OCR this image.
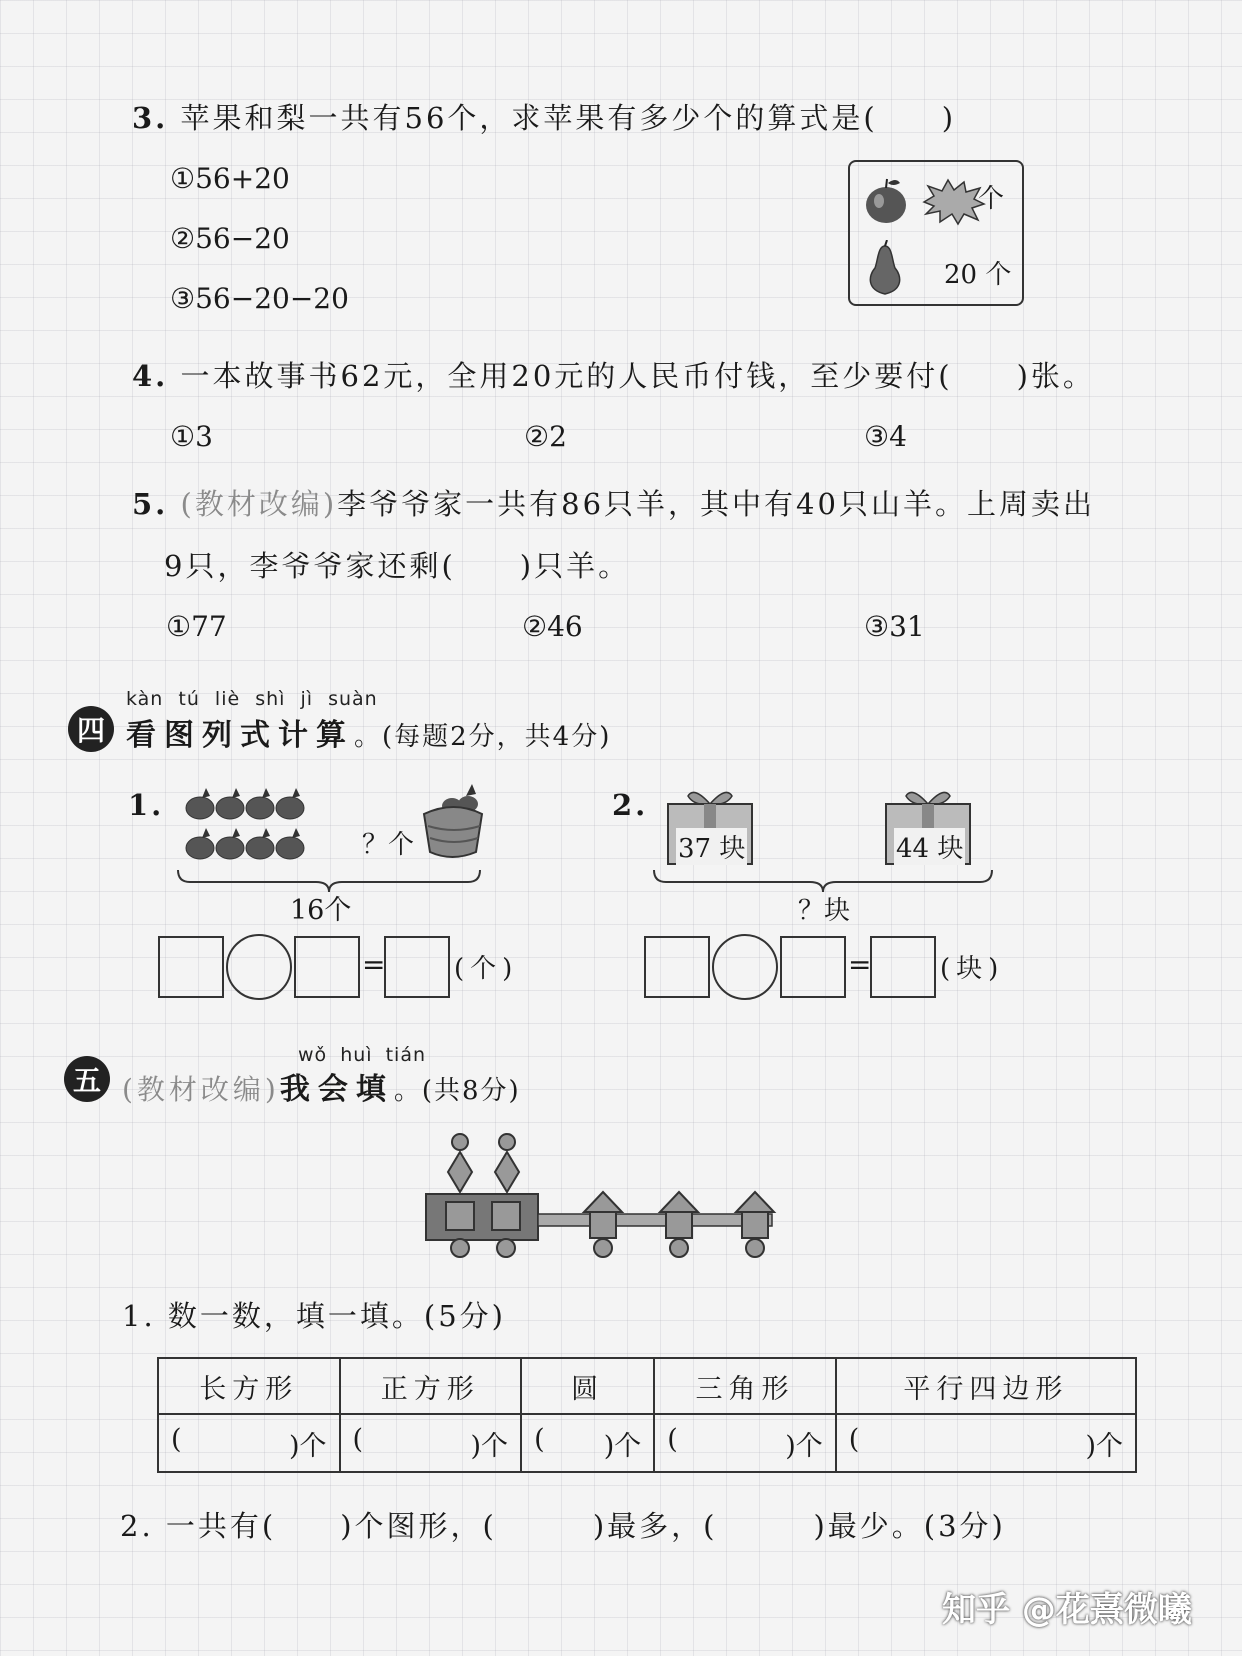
3. 苹果和梨一共有56个，求苹果有多少个的算式是(　　)
①56+20
②56−20
③56−20−20
个
20 个
4. 一本故事书62元，全用20元的人民币付钱，至少要付(　　)张。
①3	②2	③4
5. (教材改编)李爷爷家一共有86只羊，其中有40只山羊。上周卖出
9只，李爷爷家还剩(　　)只羊。
①77	②46	③31
kàn tú liè shì jì suàn
四 看图列式计算。(每题2分，共4分)
1.
？个
16个
=	(个)
2.
37 块	44 块
？块
=	(块)
wǒ huì tián
五 (教材改编)我会填。(共8分)
1. 数一数，填一填。(5分)
长方形	正方形	圆	三角形	平行四边形

( )个	( )个	( )个	( )个	( )个
2. 一共有(　　)个图形，(　　　)最多，(　　　)最少。(3分)
知乎 @花熹微曦
